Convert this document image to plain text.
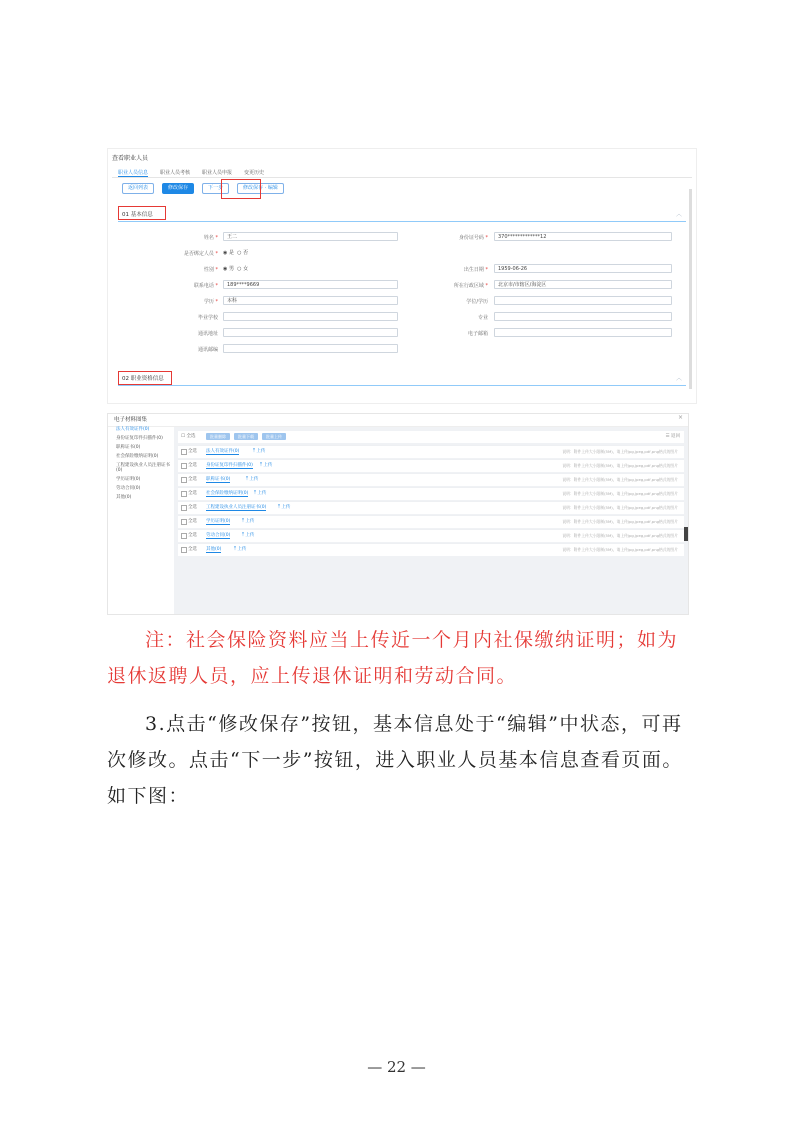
查看职业人员
职业人员信息 职业人员考核 职业人员申报 变更历史
返回列表	修改保存	下一步	修改保存 · 编辑
01 基本信息	︿
姓名 *	王二	身份证号码 *	370*************12
是否绑定人员 * ◉ 是  ○ 否
性别 * ◉ 男  ○ 女	出生日期 *	1959-06-26
联系电话 *	189****9669	所在行政区域 *	北京市/市辖区/海淀区
学历 *	本科	学位/学历
毕业学校	专业
通讯地址	电子邮箱
通讯邮编
02 职业资格信息	︿
电子材料图集	×
法人有效证件(0)
身份证复印件扫描件(0)
职称证书(0)
社会保险缴纳证明(0)
工程建设执业人员注册证书(0)
学历证明(0)
劳动合同(0)
其他(0)
☐ 全选	批量删除	批量下载	批量上传	☰ 返回
全选 法人有效证件(0)	⤒ 上传	说明：附件上传大小限制(5M)，请上传jpg,jpeg,pdf,png格式的图片
全选 身份证复印件扫描件(0) ⤒ 上传	说明：附件上传大小限制(5M)，请上传jpg,jpeg,pdf,png格式的图片
全选 职称证书(0)	⤒ 上传	说明：附件上传大小限制(5M)，请上传jpg,jpeg,pdf,png格式的图片
全选 社会保险缴纳证明(0) ⤒ 上传	说明：附件上传大小限制(5M)，请上传jpg,jpeg,pdf,png格式的图片
全选 工程建设执业人员注册证书(0)	⤒ 上传	说明：附件上传大小限制(5M)，请上传jpg,jpeg,pdf,png格式的图片
全选 学历证明(0)	⤒ 上传	说明：附件上传大小限制(5M)，请上传jpg,jpeg,pdf,png格式的图片
全选 劳动合同(0)	⤒ 上传	说明：附件上传大小限制(5M)，请上传jpg,jpeg,pdf,png格式的图片
全选 其他(0)	⤒ 上传	说明：附件上传大小限制(5M)，请上传jpg,jpeg,pdf,png格式的图片
注：社会保险资料应当上传近一个月内社保缴纳证明；如为退休返聘人员，应上传退休证明和劳动合同。
3.点击“修改保存”按钮，基本信息处于“编辑”中状态，可再次修改。点击“下一步”按钮，进入职业人员基本信息查看页面。如下图：
— 22 —
